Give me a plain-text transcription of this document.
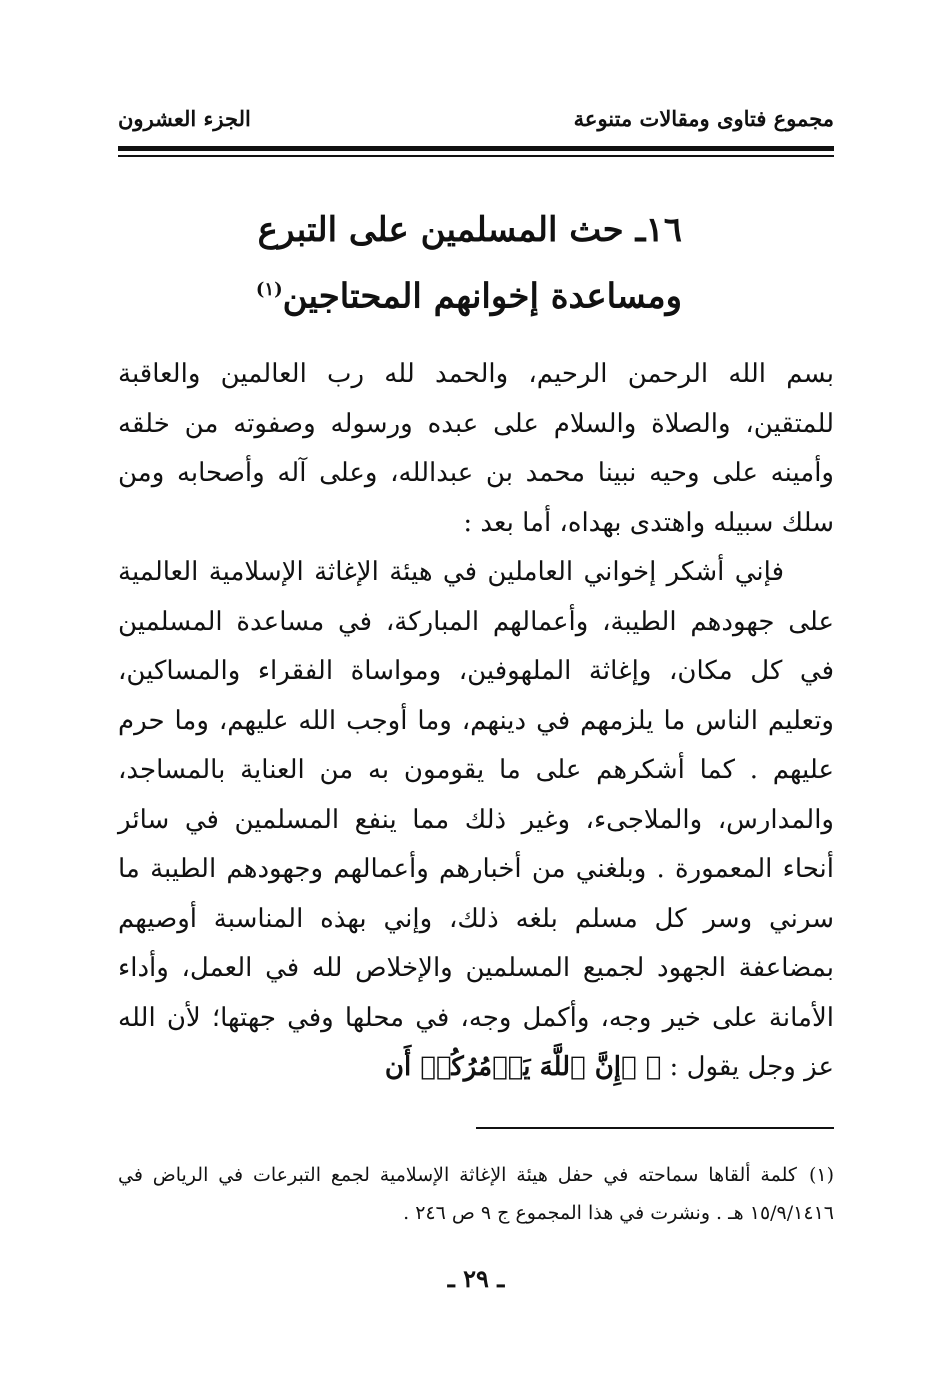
مجموع فتاوى ومقالات متنوعة
الجزء العشرون
١٦ـ حث المسلمين على التبرع
ومساعدة إخوانهم المحتاجين$^{(١)}$

بسم الله الرحمن الرحيم، والحمد لله رب العالمين والعاقبة للمتقين، والصلاة والسلام على عبده ورسوله وصفوته من خلقه وأمينه على وحيه نبينا محمد بن عبدالله، وعلى آله وأصحابه ومن سلك سبيله واهتدى بهداه، أما بعد :

فإني أشكر إخواني العاملين في هيئة الإغاثة الإسلامية العالمية على جهودهم الطيبة، وأعمالهم المباركة، في مساعدة المسلمين في كل مكان، وإغاثة الملهوفين، ومواساة الفقراء والمساكين، وتعليم الناس ما يلزمهم في دينهم، وما أوجب الله عليهم، وما حرم عليهم . كما أشكرهم على ما يقومون به من العناية بالمساجد، والمدارس، والملاجىء، وغير ذلك مما ينفع المسلمين في سائر أنحاء المعمورة . وبلغني من أخبارهم وأعمالهم وجهودهم الطيبة ما سرني وسر كل مسلم بلغه ذلك، وإني بهذه المناسبة أوصيهم بمضاعفة الجهود لجميع المسلمين والإخلاص لله في العمل، وأداء الأمانة على خير وجه، وأكمل وجه، في محلها وفي جهتها؛ لأن الله عز وجل يقول : ﴿ ۞إِنَّ ٱللَّهَ يَأۡمُرُكُمۡ أَن

(١)كلمة ألقاها سماحته في حفل هيئة الإغاثة الإسلامية لجمع التبرعات في الرياض في ١٥/٩/١٤١٦ هـ . ونشرت في هذا المجموع ج ٩ ص ٢٤٦ .
ـ ٢٩ ـ
